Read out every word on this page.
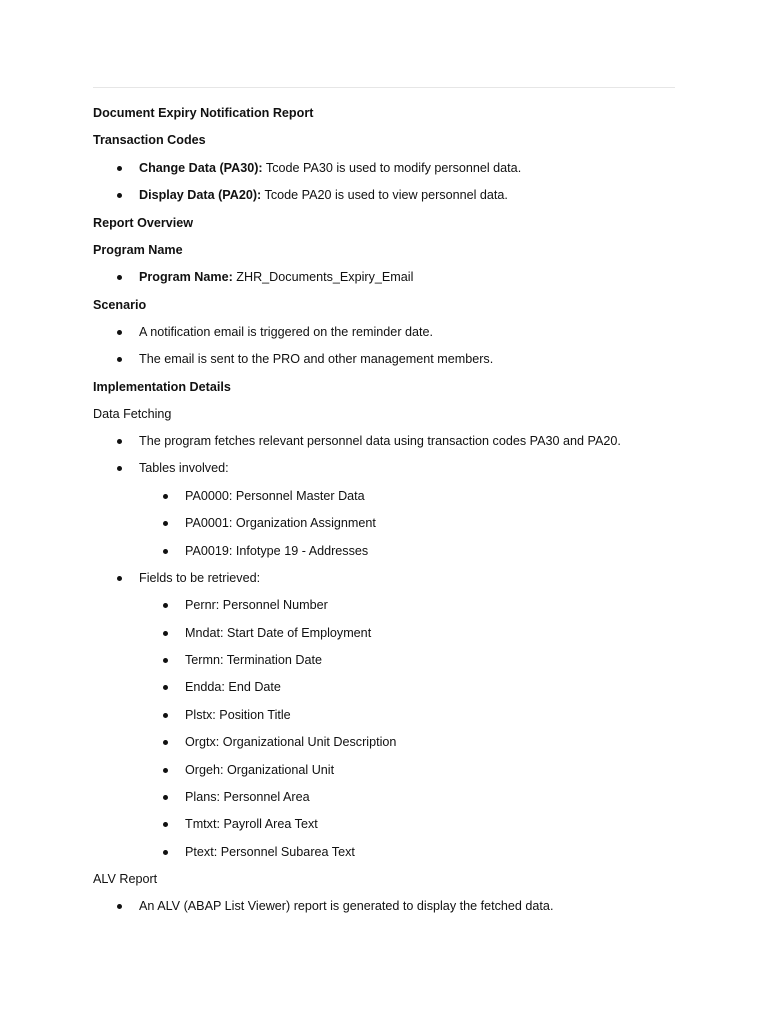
Document Expiry Notification Report
Transaction Codes
Change Data (PA30): Tcode PA30 is used to modify personnel data.
Display Data (PA20): Tcode PA20 is used to view personnel data.
Report Overview
Program Name
Program Name: ZHR_Documents_Expiry_Email
Scenario
A notification email is triggered on the reminder date.
The email is sent to the PRO and other management members.
Implementation Details
Data Fetching
The program fetches relevant personnel data using transaction codes PA30 and PA20.
Tables involved:
PA0000: Personnel Master Data
PA0001: Organization Assignment
PA0019: Infotype 19 - Addresses
Fields to be retrieved:
Pernr: Personnel Number
Mndat: Start Date of Employment
Termn: Termination Date
Endda: End Date
Plstx: Position Title
Orgtx: Organizational Unit Description
Orgeh: Organizational Unit
Plans: Personnel Area
Tmtxt: Payroll Area Text
Ptext: Personnel Subarea Text
ALV Report
An ALV (ABAP List Viewer) report is generated to display the fetched data.
